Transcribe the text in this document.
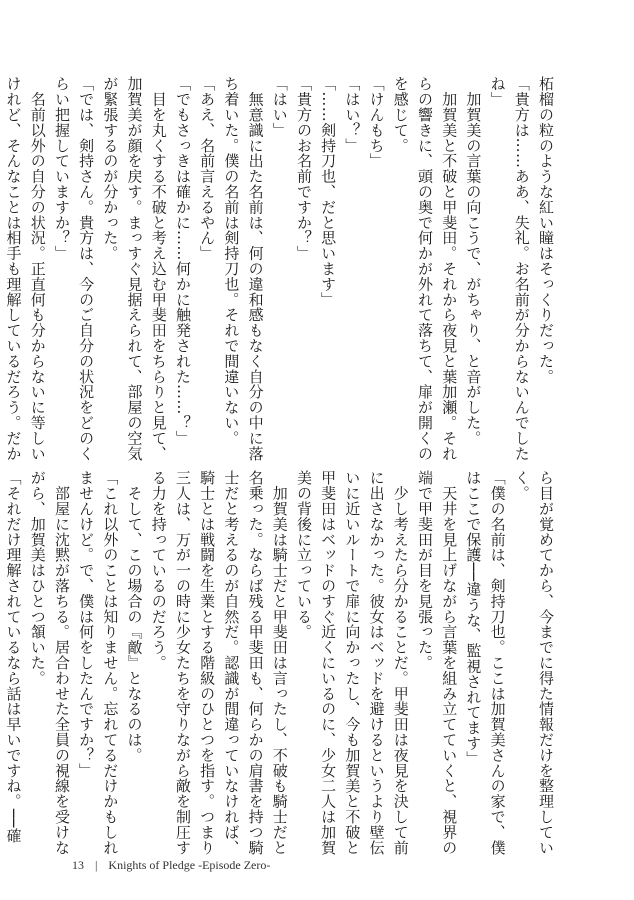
柘榴の粒のような紅い瞳はそっくりだった。
「貴方は……ああ、失礼。お名前が分からないんでした
ね」
　加賀美の言葉の向こうで、がちゃり、と音がした。
　加賀美と不破と甲斐田。それから夜見と葉加瀬。それ
らの響きに、頭の奥で何かが外れて落ちて、扉が開くの
を感じて。
「けんもち」
「はい？」
「……剣持刀也、だと思います」
「貴方のお名前ですか？」
「はい」
　無意識に出た名前は、何の違和感もなく自分の中に落
ち着いた。僕の名前は剣持刀也。それで間違いない。
「あえ、名前言えるやん」
「でもさっきは確かに……何かに触発された……？」
　目を丸くする不破と考え込む甲斐田をちらりと見て、
加賀美が顔を戻す。まっすぐ見据えられて、部屋の空気
が緊張するのが分かった。
「では、剣持さん。貴方は、今のご自分の状況をどのく
らい把握していますか？」
　名前以外の自分の状況。正直何も分からないに等しい
けれど、そんなことは相手も理解しているだろう。だか
ら目が覚めてから、今までに得た情報だけを整理してい
く。
「僕の名前は、剣持刀也。ここは加賀美さんの家で、僕
はここで保護──違うな、監視されてます」
　天井を見上げながら言葉を組み立てていくと、視界の
端で甲斐田が目を見張った。
　少し考えたら分かることだ。甲斐田は夜見を決して前
に出さなかった。彼女はベッドを避けるというより壁伝
いに近いルートで扉に向かったし、今も加賀美と不破と
甲斐田はベッドのすぐ近くにいるのに、少女二人は加賀
美の背後に立っている。
　加賀美は騎士だと甲斐田は言ったし、不破も騎士だと
名乗った。ならば残る甲斐田も、何らかの肩書を持つ騎
士だと考えるのが自然だ。認識が間違っていなければ、
騎士とは戦闘を生業とする階級のひとつを指す。つまり
三人は、万が一の時に少女たちを守りながら敵を制圧す
る力を持っているのだろう。
　そして、この場合の『敵』となるのは。
「これ以外のことは知りません。忘れてるだけかもしれ
ませんけど。で、僕は何をしたんですか？」
　部屋に沈黙が落ちる。居合わせた全員の視線を受けな
がら、加賀美はひとつ頷いた。
「それだけ理解されているなら話は早いですね。──確
13 | Knights of Pledge -Episode Zero-
